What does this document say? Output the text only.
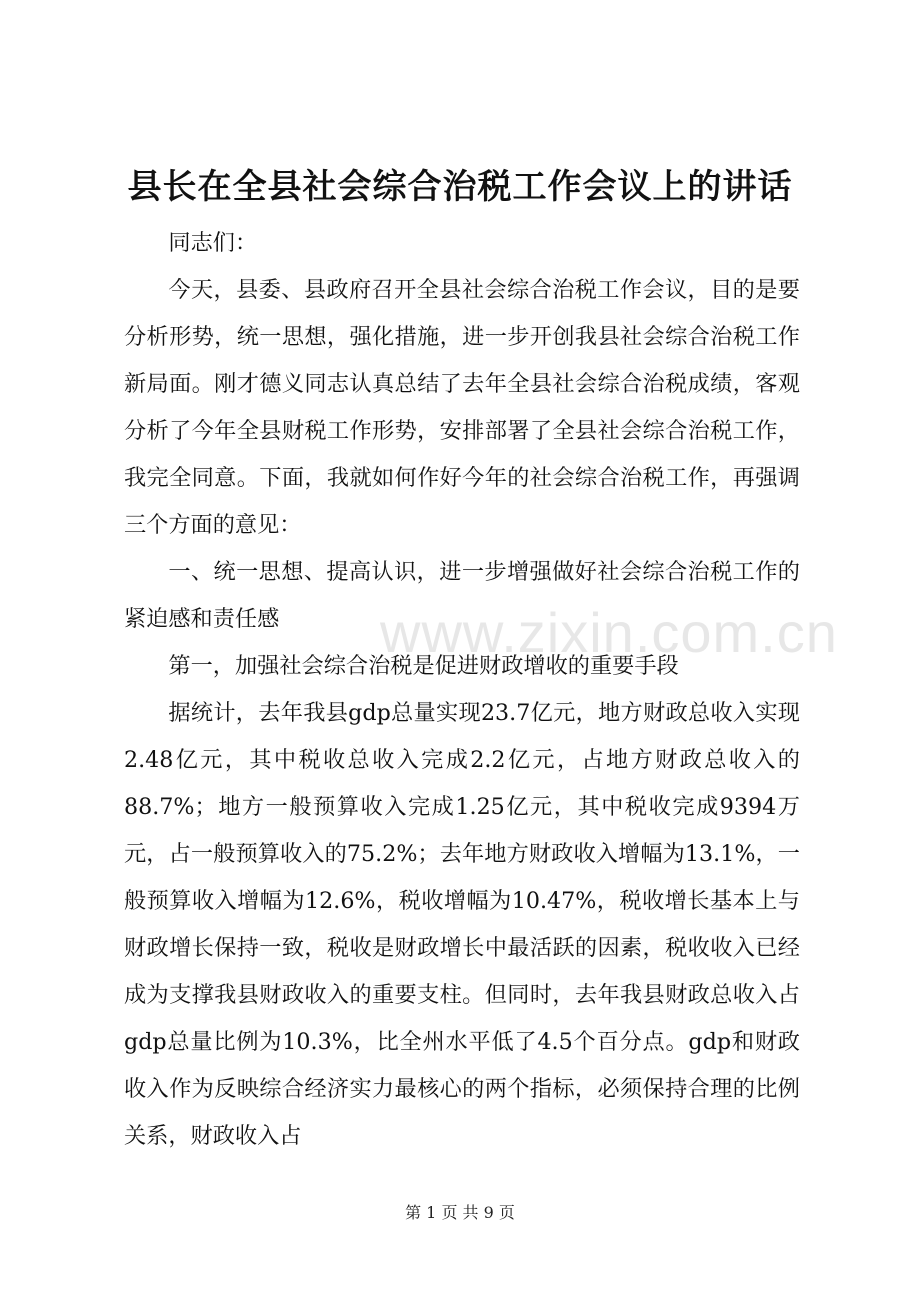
县长在全县社会综合治税工作会议上的讲话

同志们：

今天，县委、县政府召开全县社会综合治税工作会议，目的是要分析形势，统一思想，强化措施，进一步开创我县社会综合治税工作新局面。刚才德义同志认真总结了去年全县社会综合治税成绩，客观分析了今年全县财税工作形势，安排部署了全县社会综合治税工作，我完全同意。下面，我就如何作好今年的社会综合治税工作，再强调三个方面的意见：

一、统一思想、提高认识，进一步增强做好社会综合治税工作的紧迫感和责任感

第一，加强社会综合治税是促进财政增收的重要手段

据统计，去年我县gdp总量实现23.7亿元，地方财政总收入实现2.48亿元，其中税收总收入完成2.2亿元，占地方财政总收入的88.7%；地方一般预算收入完成1.25亿元，其中税收完成9394万元，占一般预算收入的75.2%；去年地方财政收入增幅为13.1%，一般预算收入增幅为12.6%，税收增幅为10.47%，税收增长基本上与财政增长保持一致，税收是财政增长中最活跃的因素，税收收入已经成为支撑我县财政收入的重要支柱。但同时，去年我县财政总收入占gdp总量比例为10.3%，比全州水平低了4.5个百分点。gdp和财政收入作为反映综合经济实力最核心的两个指标，必须保持合理的比例关系，财政收入占

www.zixin.com.cn
第 1 页 共 9 页
